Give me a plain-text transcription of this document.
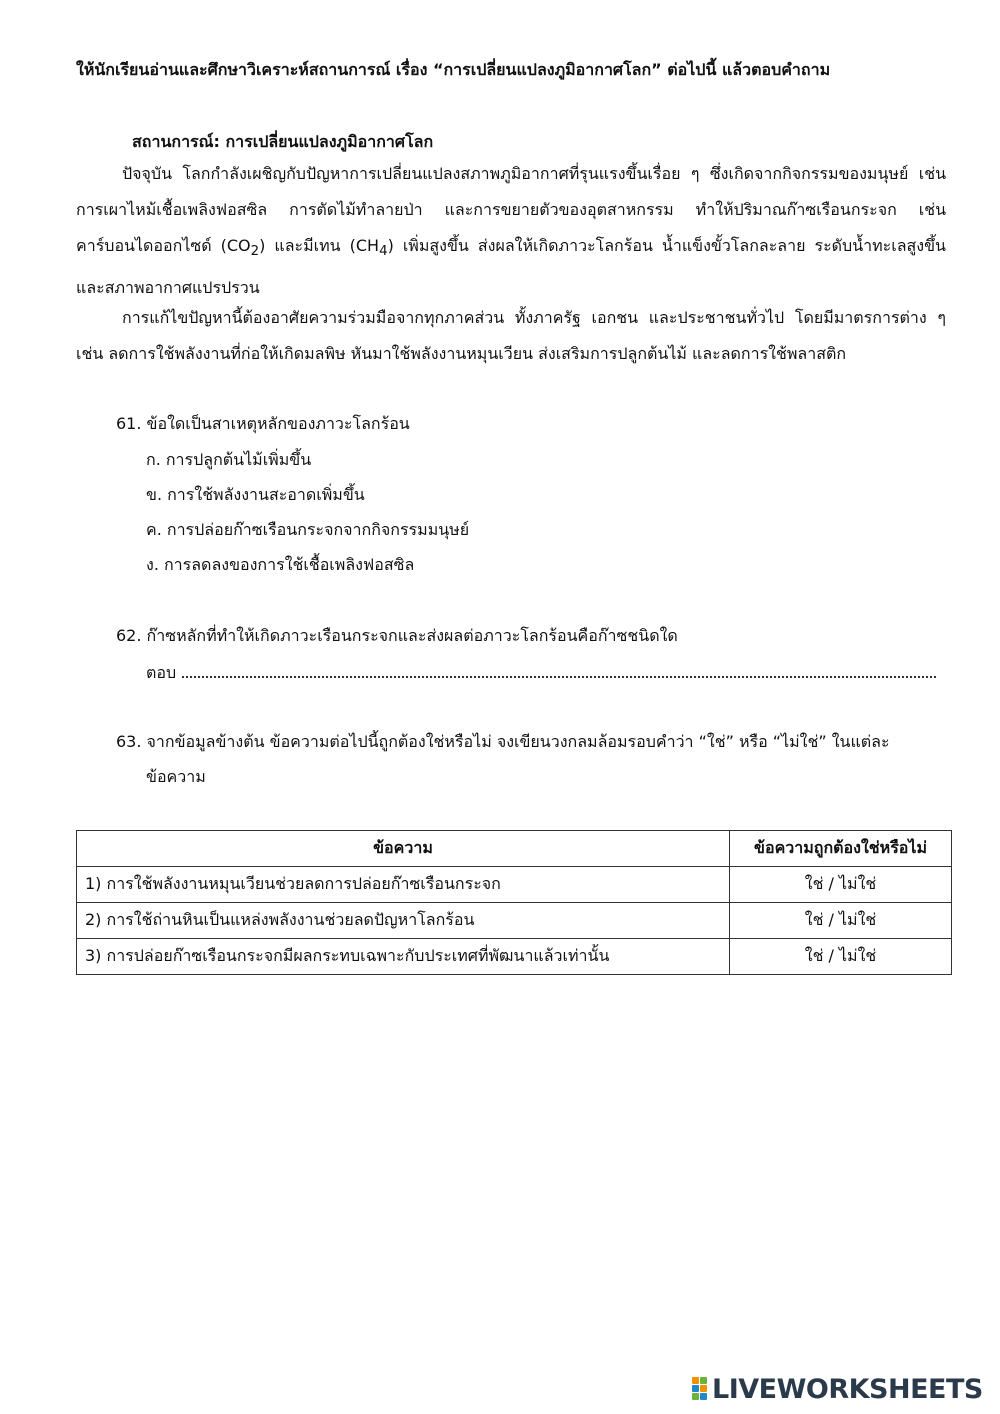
ให้นักเรียนอ่านและศึกษาวิเคราะห์สถานการณ์ เรื่อง “การเปลี่ยนแปลงภูมิอากาศโลก” ต่อไปนี้ แล้วตอบคำถาม
สถานการณ์: การเปลี่ยนแปลงภูมิอากาศโลก
ปัจจุบัน โลกกำลังเผชิญกับปัญหาการเปลี่ยนแปลงสภาพภูมิอากาศที่รุนแรงขึ้นเรื่อย ๆ ซึ่งเกิดจากกิจกรรมของมนุษย์ เช่น การเผาไหม้เชื้อเพลิงฟอสซิล การตัดไม้ทำลายป่า และการขยายตัวของอุตสาหกรรม ทำให้ปริมาณก๊าซเรือนกระจก เช่น คาร์บอนไดออกไซด์ $(CO_2)$ และมีเทน $(CH_4)$ เพิ่มสูงขึ้น ส่งผลให้เกิดภาวะโลกร้อน น้ำแข็งขั้วโลกละลาย ระดับน้ำทะเลสูงขึ้น และสภาพอากาศแปรปรวน
การแก้ไขปัญหานี้ต้องอาศัยความร่วมมือจากทุกภาคส่วน ทั้งภาครัฐ เอกชน และประชาชนทั่วไป โดยมีมาตรการต่าง ๆ เช่น ลดการใช้พลังงานที่ก่อให้เกิดมลพิษ หันมาใช้พลังงานหมุนเวียน ส่งเสริมการปลูกต้นไม้ และลดการใช้พลาสติก
61. ข้อใดเป็นสาเหตุหลักของภาวะโลกร้อน
ก. การปลูกต้นไม้เพิ่มขึ้น
ข. การใช้พลังงานสะอาดเพิ่มขึ้น
ค. การปล่อยก๊าซเรือนกระจกจากกิจกรรมมนุษย์
ง. การลดลงของการใช้เชื้อเพลิงฟอสซิล
62. ก๊าซหลักที่ทำให้เกิดภาวะเรือนกระจกและส่งผลต่อภาวะโลกร้อนคือก๊าซชนิดใด
ตอบ
63. จากข้อมูลข้างต้น ข้อความต่อไปนี้ถูกต้องใช่หรือไม่ จงเขียนวงกลมล้อมรอบคำว่า “ใช่” หรือ “ไม่ใช่” ในแต่ละ
ข้อความ
ข้อความ	ข้อความถูกต้องใช่หรือไม่
1) การใช้พลังงานหมุนเวียนช่วยลดการปล่อยก๊าซเรือนกระจก	ใช่ / ไม่ใช่
2) การใช้ถ่านหินเป็นแหล่งพลังงานช่วยลดปัญหาโลกร้อน	ใช่ / ไม่ใช่
3) การปล่อยก๊าซเรือนกระจกมีผลกระทบเฉพาะกับประเทศที่พัฒนาแล้วเท่านั้น	ใช่ / ไม่ใช่
LIVEWORKSHEETS
